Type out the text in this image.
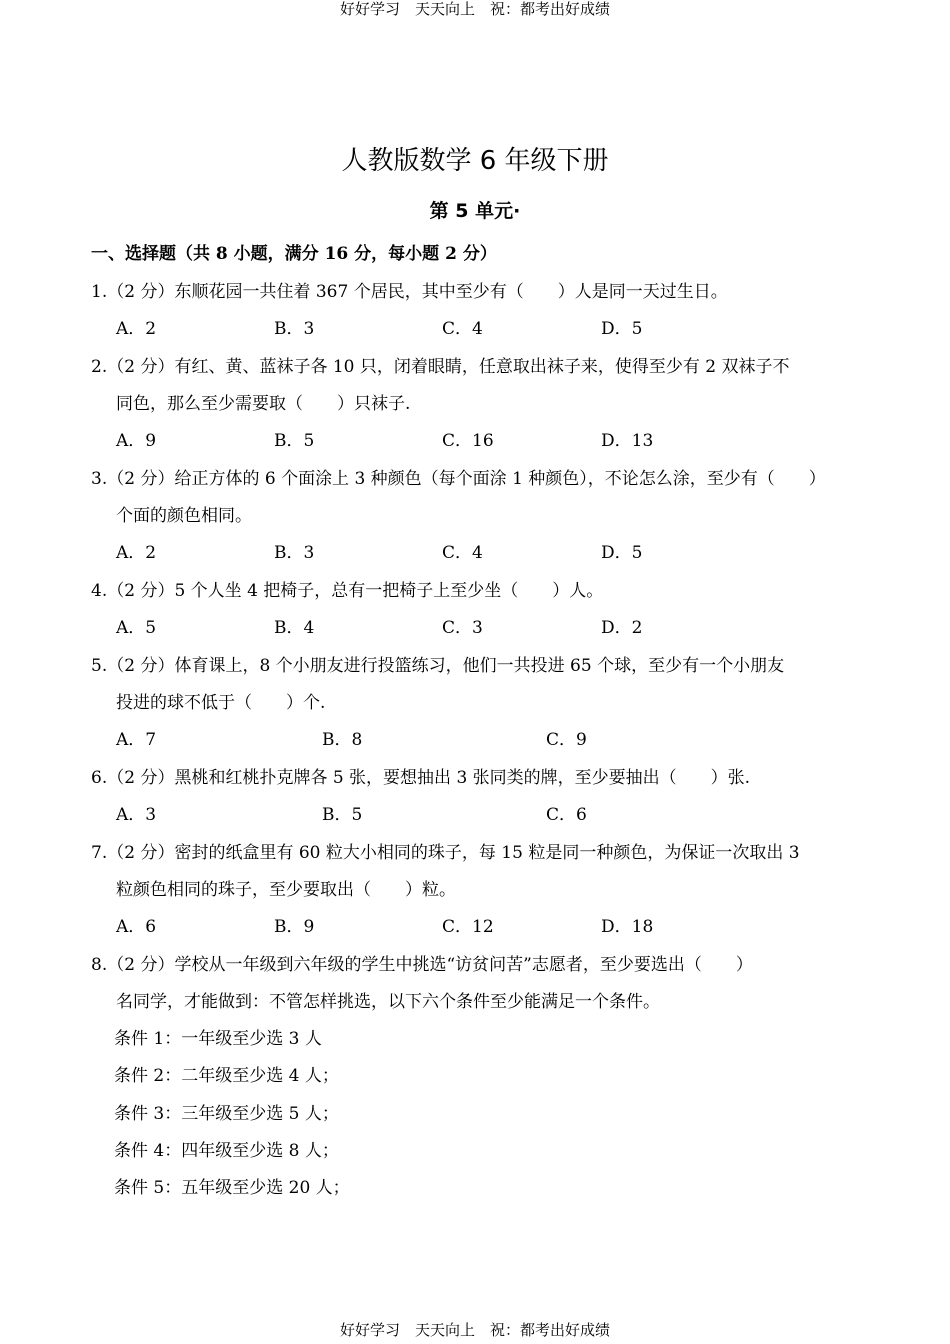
好好学习　天天向上　祝：都考出好成绩
人教版数学 6 年级下册
第 5 单元·
一、选择题（共 8 小题，满分 16 分，每小题 2 分）
1.（2 分）东顺花园一共住着 367 个居民，其中至少有（　　）人是同一天过生日。
A．2	B．3	C．4	D．5
2.（2 分）有红、黄、蓝袜子各 10 只，闭着眼睛，任意取出袜子来，使得至少有 2 双袜子不
同色，那么至少需要取（　　）只袜子.
A．9	B．5	C．16	D．13
3.（2 分）给正方体的 6 个面涂上 3 种颜色（每个面涂 1 种颜色），不论怎么涂，至少有（　　）
个面的颜色相同。
A．2	B．3	C．4	D．5
4.（2 分）5 个人坐 4 把椅子，总有一把椅子上至少坐（　　）人。
A．5	B．4	C．3	D．2
5.（2 分）体育课上，8 个小朋友进行投篮练习，他们一共投进 65 个球，至少有一个小朋友
投进的球不低于（　　）个.
A．7	B．8	C．9
6.（2 分）黑桃和红桃扑克牌各 5 张，要想抽出 3 张同类的牌，至少要抽出（　　）张.
A．3	B．5	C．6
7.（2 分）密封的纸盒里有 60 粒大小相同的珠子，每 15 粒是同一种颜色，为保证一次取出 3
粒颜色相同的珠子，至少要取出（　　）粒。
A．6	B．9	C．12	D．18
8.（2 分）学校从一年级到六年级的学生中挑选“访贫问苦”志愿者，至少要选出（　　）
名同学，才能做到：不管怎样挑选，以下六个条件至少能满足一个条件。
条件 1：一年级至少选 3 人
条件 2：二年级至少选 4 人；
条件 3：三年级至少选 5 人；
条件 4：四年级至少选 8 人；
条件 5：五年级至少选 20 人；
好好学习　天天向上　祝：都考出好成绩
